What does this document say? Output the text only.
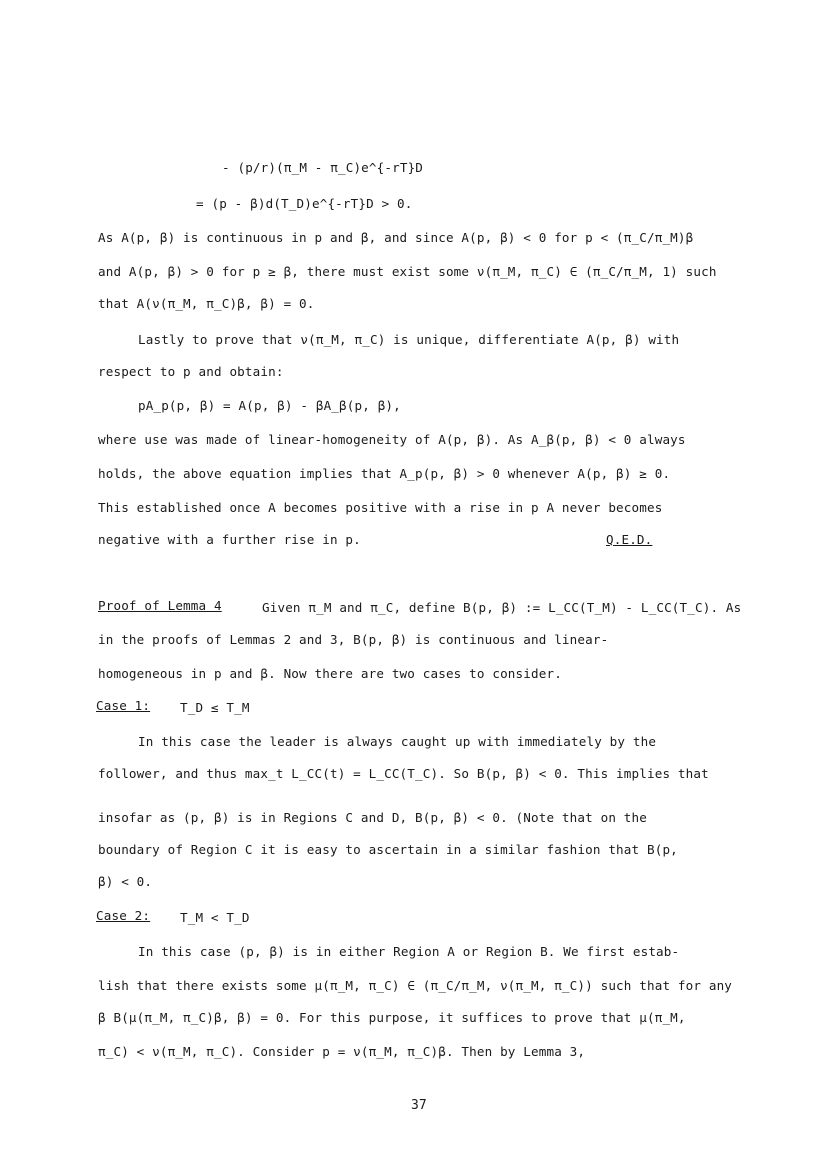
- (p/r)(π_M - π_C)e^{-rT}D
= (p - β)d(T_D)e^{-rT}D > 0.
As A(p, β) is continuous in p and β, and since A(p, β) < 0 for p < (π_C/π_M)β
and A(p, β) > 0 for p ≥ β, there must exist some ν(π_M, π_C) ∈ (π_C/π_M, 1) such
that A(ν(π_M, π_C)β, β) = 0.
Lastly to prove that ν(π_M, π_C) is unique, differentiate A(p, β) with
respect to p and obtain:
pA_p(p, β) = A(p, β) - βA_β(p, β),
where use was made of linear-homogeneity of A(p, β). As A_β(p, β) < 0 always
holds, the above equation implies that A_p(p, β) > 0 whenever A(p, β) ≥ 0.
This established once A becomes positive with a rise in p A never becomes
negative with a further rise in p.	Q.E.D.
Proof of Lemma 4	Given π_M and π_C, define B(p, β) := L_CC(T_M) - L_CC(T_C). As
in the proofs of Lemmas 2 and 3, B(p, β) is continuous and linear-
homogeneous in p and β. Now there are two cases to consider.
Case 1: T_D ≤ T_M
In this case the leader is always caught up with immediately by the
follower, and thus max_t L_CC(t) = L_CC(T_C). So B(p, β) < 0. This implies that
insofar as (p, β) is in Regions C and D, B(p, β) < 0. (Note that on the
boundary of Region C it is easy to ascertain in a similar fashion that B(p,
β) < 0.
Case 2: T_M < T_D
In this case (p, β) is in either Region A or Region B. We first estab-
lish that there exists some μ(π_M, π_C) ∈ (π_C/π_M, ν(π_M, π_C)) such that for any
β B(μ(π_M, π_C)β, β) = 0. For this purpose, it suffices to prove that μ(π_M,
π_C) < ν(π_M, π_C). Consider p = ν(π_M, π_C)β. Then by Lemma 3,
37
